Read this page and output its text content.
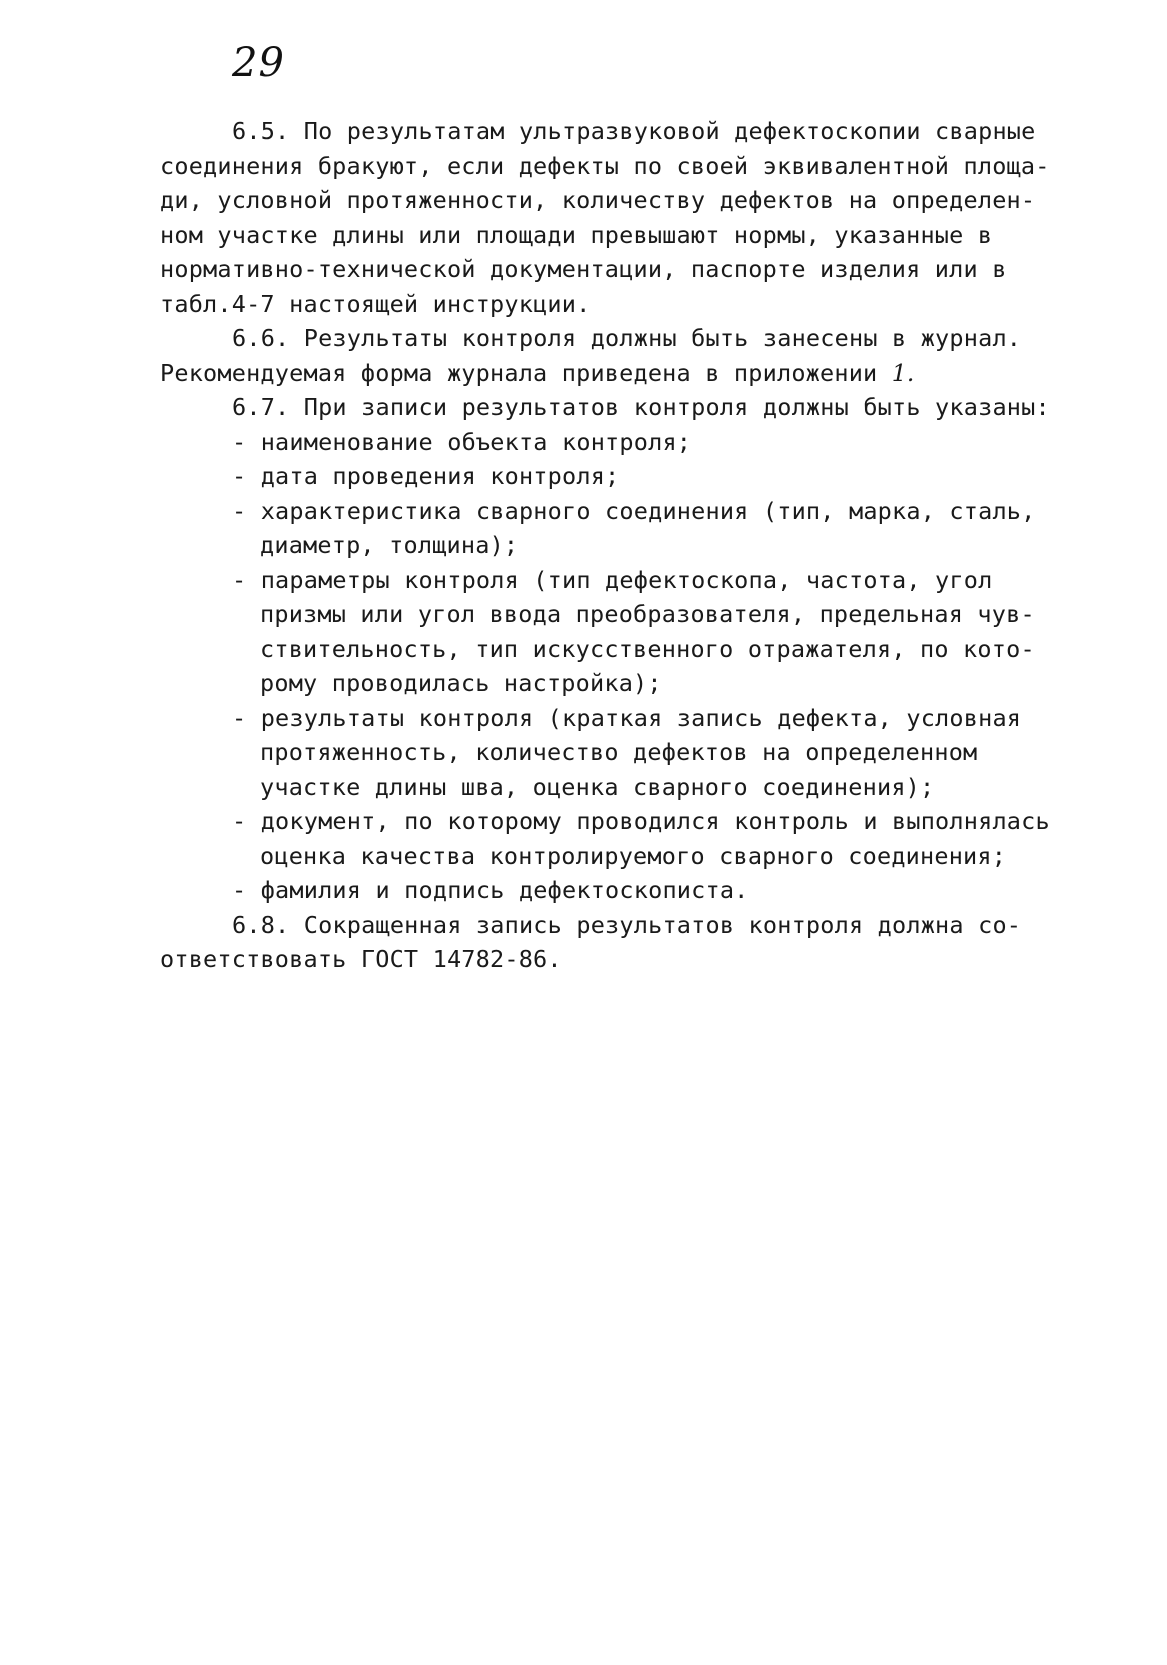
29
6.5. По результатам ультразвуковой дефектоскопии сварные
соединения бракуют, если дефекты по своей эквивалентной площа-
ди, условной протяженности, количеству дефектов на определен-
ном участке длины или площади превышают нормы, указанные в
нормативно-технической документации, паспорте изделия или в
табл.4-7 настоящей инструкции.
6.6. Результаты контроля должны быть занесены в журнал.
Рекомендуемая форма журнала приведена в приложении 1.
6.7. При записи результатов контроля должны быть указаны:
- наименование объекта контроля;
- дата проведения контроля;
- характеристика сварного соединения (тип, марка, сталь,
диаметр, толщина);
- параметры контроля (тип дефектоскопа, частота, угол
призмы или угол ввода преобразователя, предельная чув-
ствительность, тип искусственного отражателя, по кото-
рому проводилась настройка);
- результаты контроля (краткая запись дефекта, условная
протяженность, количество дефектов на определенном
участке длины шва, оценка сварного соединения);
- документ, по которому проводился контроль и выполнялась
оценка качества контролируемого сварного соединения;
- фамилия и подпись дефектоскописта.
6.8. Сокращенная запись результатов контроля должна со-
ответствовать ГОСТ 14782-86.
